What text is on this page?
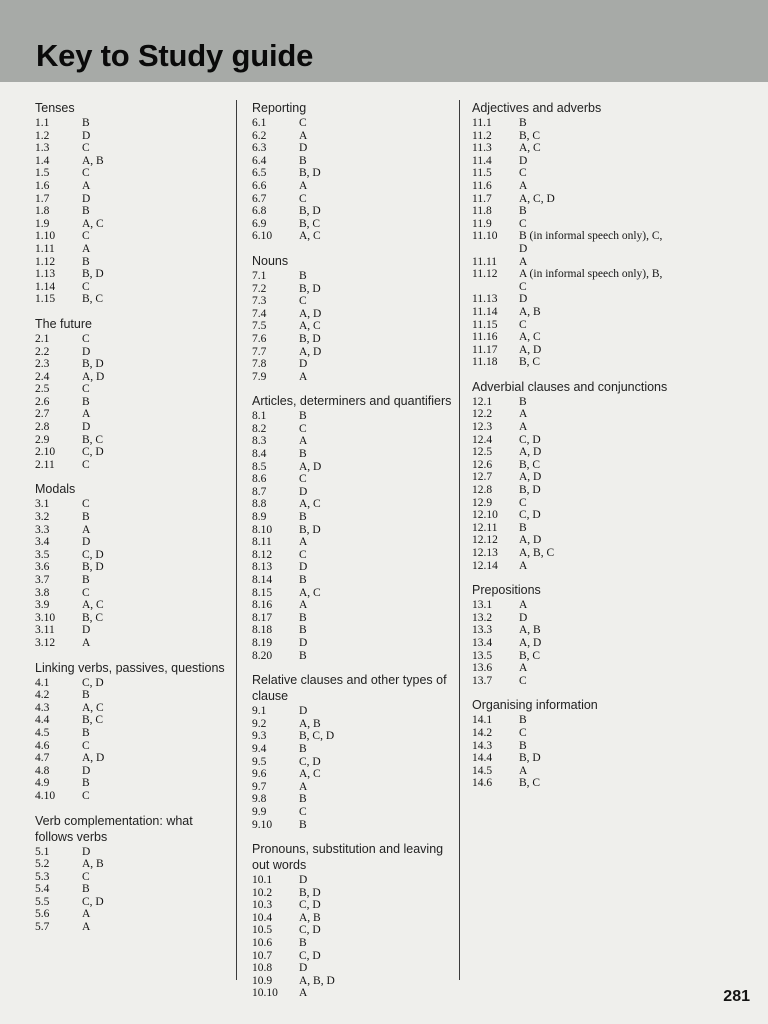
Key to Study guide
Tenses
1.1	B
1.2	D
1.3	C
1.4	A, B
1.5	C
1.6	A
1.7	D
1.8	B
1.9	A, C
1.10	C
1.11	A
1.12	B
1.13	B, D
1.14	C
1.15	B, C
The future
2.1	C
2.2	D
2.3	B, D
2.4	A, D
2.5	C
2.6	B
2.7	A
2.8	D
2.9	B, C
2.10	C, D
2.11	C
Modals
3.1	C
3.2	B
3.3	A
3.4	D
3.5	C, D
3.6	B, D
3.7	B
3.8	C
3.9	A, C
3.10	B, C
3.11	D
3.12	A
Linking verbs, passives, questions
4.1	C, D
4.2	B
4.3	A, C
4.4	B, C
4.5	B
4.6	C
4.7	A, D
4.8	D
4.9	B
4.10	C
Verb complementation: what follows verbs
5.1	D
5.2	A, B
5.3	C
5.4	B
5.5	C, D
5.6	A
5.7	A
Reporting
6.1	C
6.2	A
6.3	D
6.4	B
6.5	B, D
6.6	A
6.7	C
6.8	B, D
6.9	B, C
6.10	A, C
Nouns
7.1	B
7.2	B, D
7.3	C
7.4	A, D
7.5	A, C
7.6	B, D
7.7	A, D
7.8	D
7.9	A
Articles, determiners and quantifiers
8.1	B
8.2	C
8.3	A
8.4	B
8.5	A, D
8.6	C
8.7	D
8.8	A, C
8.9	B
8.10	B, D
8.11	A
8.12	C
8.13	D
8.14	B
8.15	A, C
8.16	A
8.17	B
8.18	B
8.19	D
8.20	B
Relative clauses and other types of clause
9.1	D
9.2	A, B
9.3	B, C, D
9.4	B
9.5	C, D
9.6	A, C
9.7	A
9.8	B
9.9	C
9.10	B
Pronouns, substitution and leaving out words
10.1	D
10.2	B, D
10.3	C, D
10.4	A, B
10.5	C, D
10.6	B
10.7	C, D
10.8	D
10.9	A, B, D
10.10	A
Adjectives and adverbs
11.1	B
11.2	B, C
11.3	A, C
11.4	D
11.5	C
11.6	A
11.7	A, C, D
11.8	B
11.9	C
11.10	B (in informal speech only), C, D
11.11	A
11.12	A (in informal speech only), B, C
11.13	D
11.14	A, B
11.15	C
11.16	A, C
11.17	A, D
11.18	B, C
Adverbial clauses and conjunctions
12.1	B
12.2	A
12.3	A
12.4	C, D
12.5	A, D
12.6	B, C
12.7	A, D
12.8	B, D
12.9	C
12.10	C, D
12.11	B
12.12	A, D
12.13	A, B, C
12.14	A
Prepositions
13.1	A
13.2	D
13.3	A, B
13.4	A, D
13.5	B, C
13.6	A
13.7	C
Organising information
14.1	B
14.2	C
14.3	B
14.4	B, D
14.5	A
14.6	B, C
281
